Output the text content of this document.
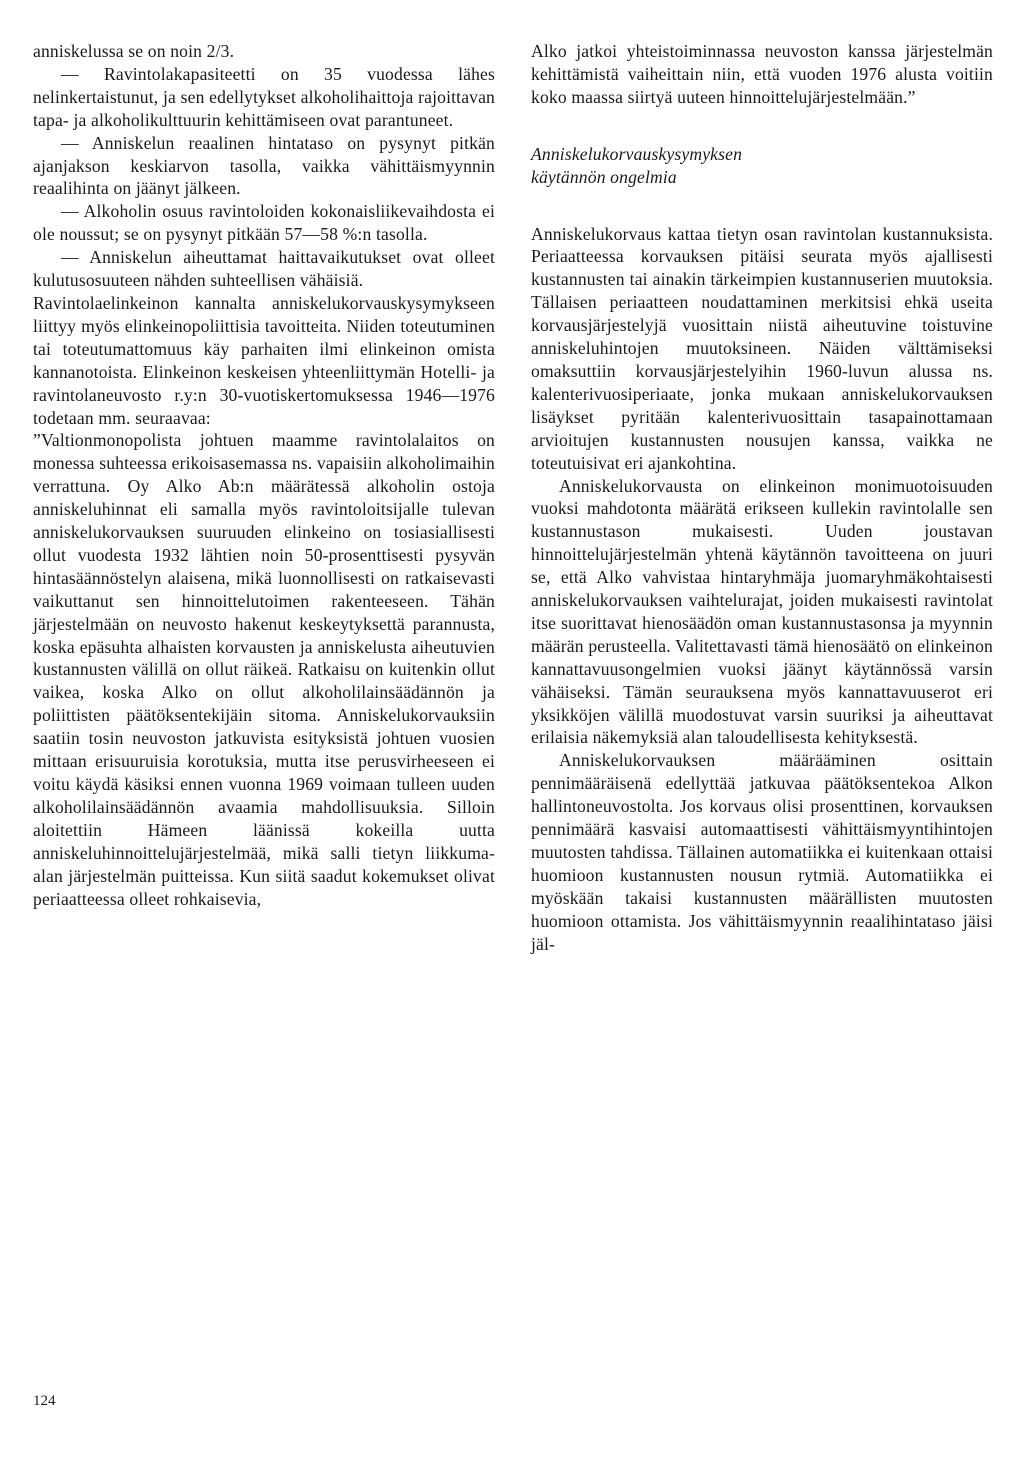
anniskelussa se on noin 2/3.

— Ravintolakapasiteetti on 35 vuodessa lähes nelinkertaistunut, ja sen edellytykset alkoholihaittoja rajoittavan tapa- ja alkoholikulttuurin kehittämiseen ovat parantuneet.

— Anniskelun reaalinen hintataso on pysynyt pitkän ajanjakson keskiarvon tasolla, vaikka vähittäismyynnin reaalihinta on jäänyt jälkeen.

— Alkoholin osuus ravintoloiden kokonaisliikevaihdosta ei ole noussut; se on pysynyt pitkään 57—58 %:n tasolla.

— Anniskelun aiheuttamat haittavaikutukset ovat olleet kulutusosuuteen nähden suhteellisen vähäisiä.

Ravintolaelinkeinon kannalta anniskelukorvauskysymykseen liittyy myös elinkeinopoliittisia tavoitteita. Niiden toteutuminen tai toteutumattomuus käy parhaiten ilmi elinkeinon omista kannanotoista. Elinkeinon keskeisen yhteenliittymän Hotelli- ja ravintolaneuvosto r.y:n 30-vuotiskertomuksessa 1946—1976 todetaan mm. seuraavaa:

”Valtionmonopolista johtuen maamme ravintolalaitos on monessa suhteessa erikoisasemassa ns. vapaisiin alkoholimaihin verrattuna. Oy Alko Ab:n määrätessä alkoholin ostoja anniskeluhinnat eli samalla myös ravintoloitsijalle tulevan anniskelukorvauksen suuruuden elinkeino on tosiasiallisesti ollut vuodesta 1932 lähtien noin 50-prosenttisesti pysyvän hintasäännöstelyn alaisena, mikä luonnollisesti on ratkaisevasti vaikuttanut sen hinnoittelutoimen rakenteeseen. Tähän järjestelmään on neuvosto hakenut keskeytyksettä parannusta, koska epäsuhta alhaisten korvausten ja anniskelusta aiheutuvien kustannusten välillä on ollut räikeä. Ratkaisu on kuitenkin ollut vaikea, koska Alko on ollut alkoholilainsäädännön ja poliittisten päätöksentekijäin sitoma. Anniskelukorvauksiin saatiin tosin neuvoston jatkuvista esityksistä johtuen vuosien mittaan erisuuruisia korotuksia, mutta itse perusvirheeseen ei voitu käydä käsiksi ennen vuonna 1969 voimaan tulleen uuden alkoholilainsäädännön avaamia mahdollisuuksia. Silloin aloitettiin Hämeen läänissä kokeilla uutta anniskeluhinnoittelujärjestelmää, mikä salli tietyn liikkuma-alan järjestelmän puitteissa. Kun siitä saadut kokemukset olivat periaatteessa olleet rohkaisevia,

Alko jatkoi yhteistoiminnassa neuvoston kanssa järjestelmän kehittämistä vaiheittain niin, että vuoden 1976 alusta voitiin koko maassa siirtyä uuteen hinnoittelujärjestelmään.”

Anniskelukorvauskysymyksen käytännön ongelmia

Anniskelukorvaus kattaa tietyn osan ravintolan kustannuksista. Periaatteessa korvauksen pitäisi seurata myös ajallisesti kustannusten tai ainakin tärkeimpien kustannuserien muutoksia. Tällaisen periaatteen noudattaminen merkitsisi ehkä useita korvausjärjestelyjä vuosittain niistä aiheutuvine toistuvine anniskeluhintojen muutoksineen. Näiden välttämiseksi omaksuttiin korvausjärjestelyihin 1960-luvun alussa ns. kalenterivuosiperiaate, jonka mukaan anniskelukorvauksen lisäykset pyritään kalenterivuosittain tasapainottamaan arvioitujen kustannusten nousujen kanssa, vaikka ne toteutuisivat eri ajankohtina.

Anniskelukorvausta on elinkeinon monimuotoisuuden vuoksi mahdotonta määrätä erikseen kullekin ravintolalle sen kustannustason mukaisesti. Uuden joustavan hinnoittelujärjestelmän yhtenä käytännön tavoitteena on juuri se, että Alko vahvistaa hintaryhmäja juomaryhmäkohtaisesti anniskelukorvauksen vaihtelurajat, joiden mukaisesti ravintolat itse suorittavat hienosäädön oman kustannustasonsa ja myynnin määrän perusteella. Valitettavasti tämä hienosäätö on elinkeinon kannattavuusongelmien vuoksi jäänyt käytännössä varsin vähäiseksi. Tämän seurauksena myös kannattavuuserot eri yksikköjen välillä muodostuvat varsin suuriksi ja aiheuttavat erilaisia näkemyksiä alan taloudellisesta kehityksestä.

Anniskelukorvauksen määrääminen osittain pennimääräisenä edellyttää jatkuvaa päätöksentekoa Alkon hallintoneuvostolta. Jos korvaus olisi prosenttinen, korvauksen pennimäärä kasvaisi automaattisesti vähittäismyyntihintojen muutosten tahdissa. Tällainen automatiikka ei kuitenkaan ottaisi huomioon kustannusten nousun rytmiä. Automatiikka ei myöskään takaisi kustannusten määrällisten muutosten huomioon ottamista. Jos vähittäismyynnin reaalihintataso jäisi jäl-

124
